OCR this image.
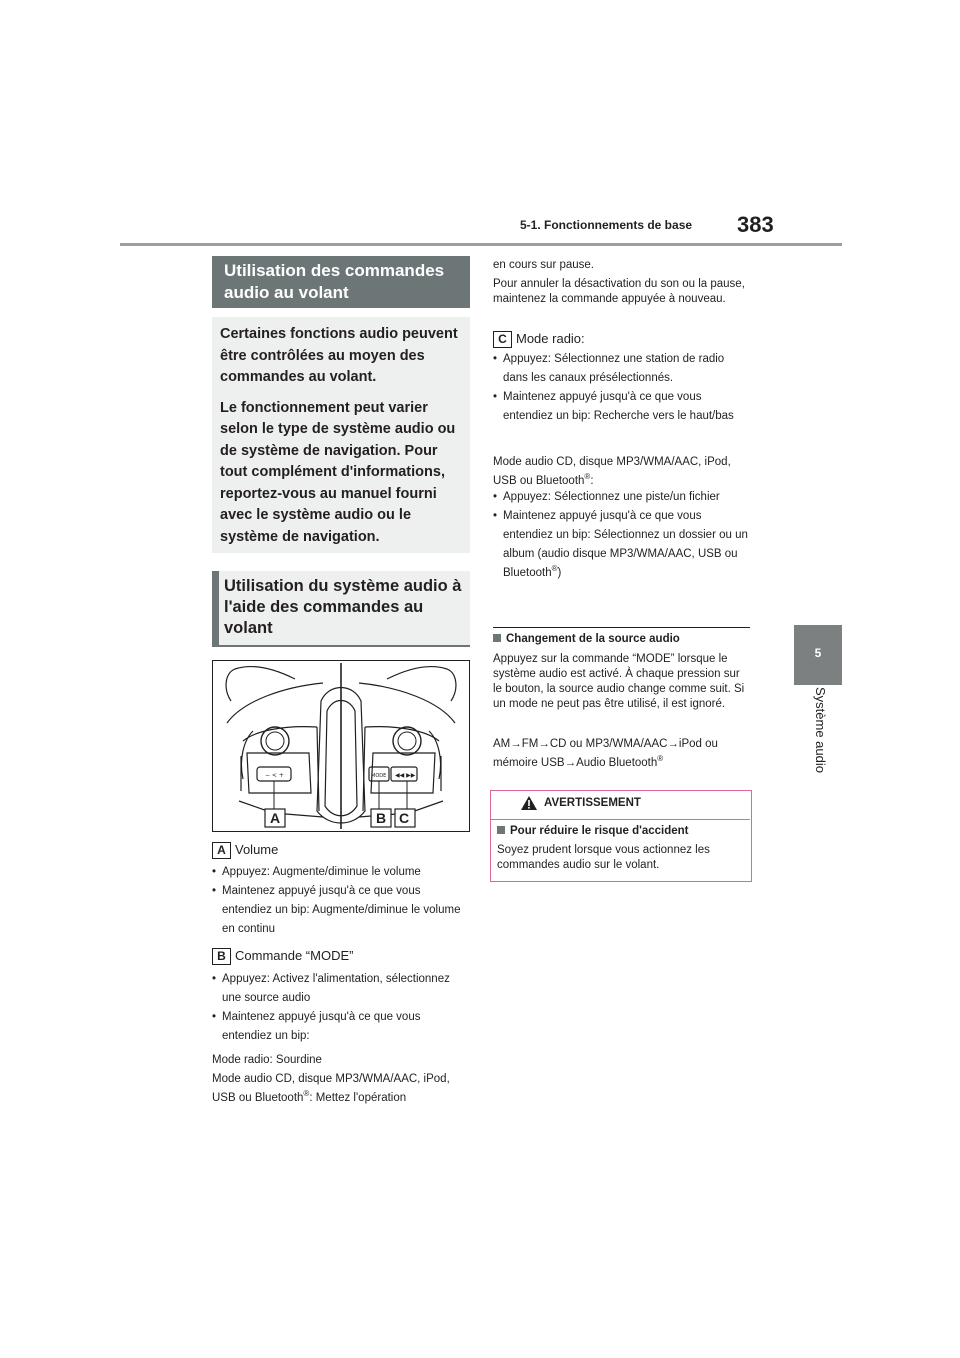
5-1. Fonctionnements de base	383
5
Système audio
Utilisation des commandes audio au volant

Certaines fonctions audio peuvent être contrôlées au moyen des commandes au volant.

Le fonctionnement peut varier selon le type de système audio ou de système de navigation. Pour tout complément d'informations, reportez-vous au manuel fourni avec le système audio ou le système de navigation.

Utilisation du système audio à l'aide des commandes au volant
− < +	MODE ◀◀ ▶▶
A	B C
A Volume
• Appuyez: Augmente/diminue le volume
• Maintenez appuyé jusqu'à ce que vous entendiez un bip: Augmente/diminue le volume en continu
B Commande “MODE”
• Appuyez: Activez l'alimentation, sélectionnez une source audio
• Maintenez appuyé jusqu'à ce que vous entendiez un bip:
Mode radio: Sourdine
Mode audio CD, disque MP3/WMA/AAC, iPod, USB ou Bluetooth®: Mettez l'opération
en cours sur pause.
Pour annuler la désactivation du son ou la pause, maintenez la commande appuyée à nouveau.
C Mode radio:
• Appuyez: Sélectionnez une station de radio dans les canaux présélectionnés.
• Maintenez appuyé jusqu'à ce que vous entendiez un bip: Recherche vers le haut/bas
Mode audio CD, disque MP3/WMA/AAC, iPod, USB ou Bluetooth®:
• Appuyez: Sélectionnez une piste/un fichier
• Maintenez appuyé jusqu'à ce que vous entendiez un bip: Sélectionnez un dossier ou un album (audio disque MP3/WMA/AAC, USB ou Bluetooth®)
Changement de la source audio
Appuyez sur la commande “MODE” lorsque le système audio est activé. À chaque pression sur le bouton, la source audio change comme suit. Si un mode ne peut pas être utilisé, il est ignoré.
AM→FM→CD ou MP3/WMA/AAC→iPod ou mémoire USB→Audio Bluetooth®
AVERTISSEMENT
Pour réduire le risque d'accident
Soyez prudent lorsque vous actionnez les commandes audio sur le volant.
